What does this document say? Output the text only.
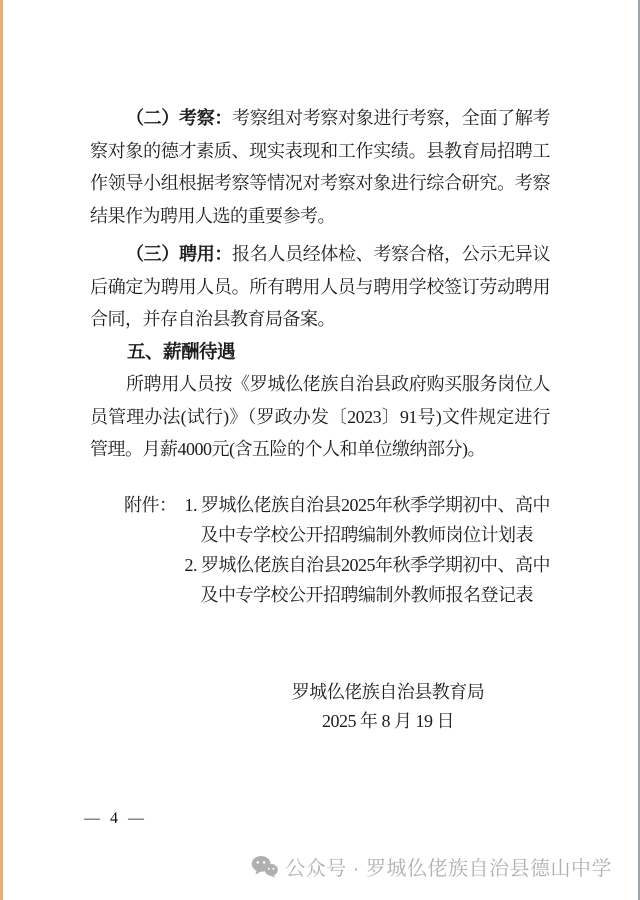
（二）考察：考察组对考察对象进行考察，全面了解考察对象的德才素质、现实表现和工作实绩。县教育局招聘工作领导小组根据考察等情况对考察对象进行综合研究。考察结果作为聘用人选的重要参考。

（三）聘用：报名人员经体检、考察合格，公示无异议后确定为聘用人员。所有聘用人员与聘用学校签订劳动聘用合同，并存自治县教育局备案。

五、薪酬待遇

所聘用人员按《罗城仫佬族自治县政府购买服务岗位人员管理办法(试行)》（罗政办发〔2023〕91号)文件规定进行管理。月薪4000元(含五险的个人和单位缴纳部分)。

附件： 1. 罗城仫佬族自治县2025年秋季学期初中、高中
及中专学校公开招聘编制外教师岗位计划表
2. 罗城仫佬族自治县2025年秋季学期初中、高中
及中专学校公开招聘编制外教师报名登记表
罗城仫佬族自治县教育局
2025 年 8 月 19 日
— 4 —
公众号 · 罗城仫佬族自治县德山中学
